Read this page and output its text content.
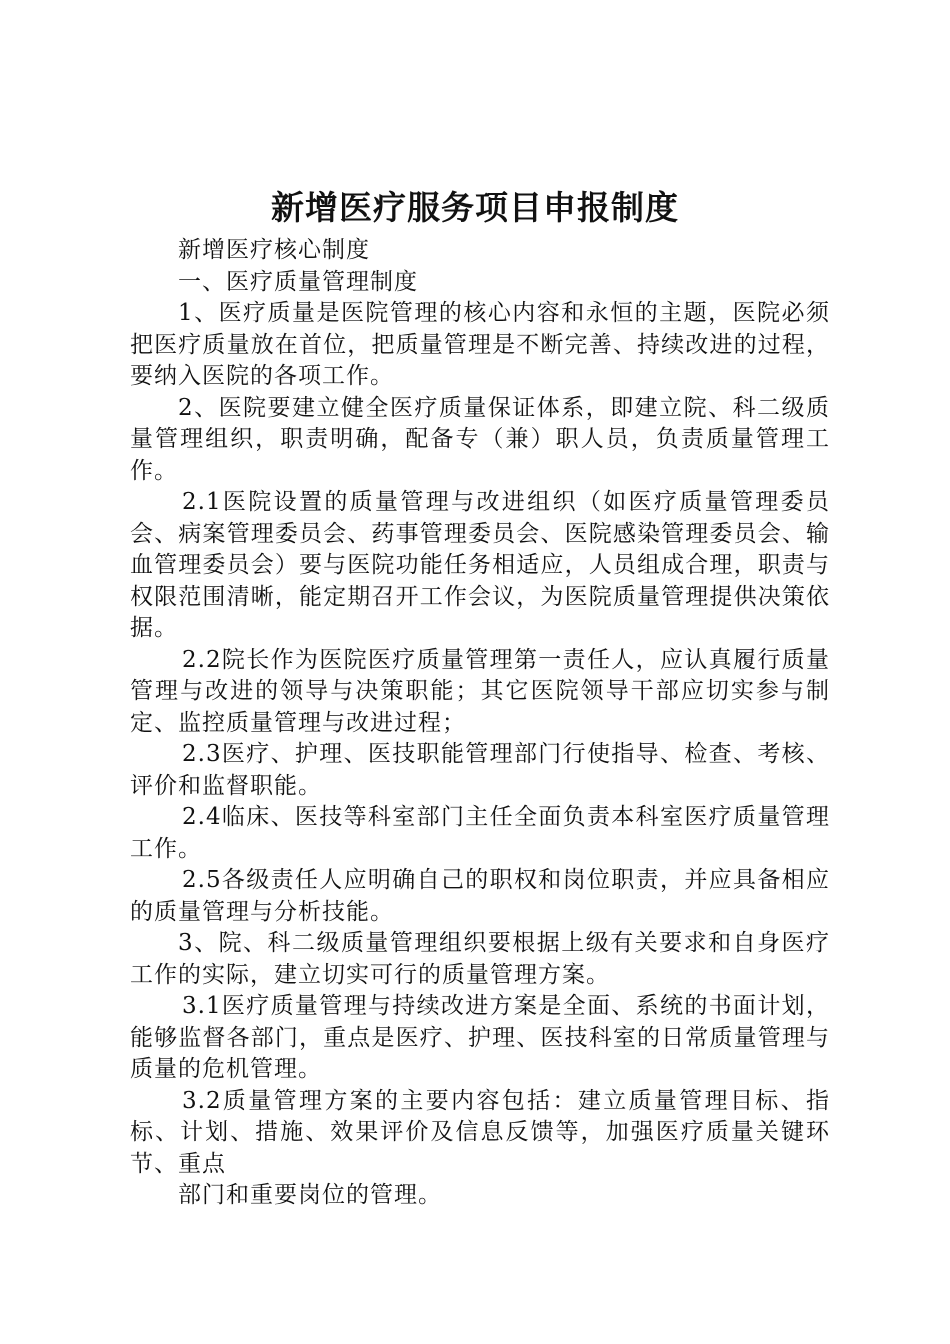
新增医疗服务项目申报制度

新增医疗核心制度

一、医疗质量管理制度

1、医疗质量是医院管理的核心内容和永恒的主题，医院必须把医疗质量放在首位，把质量管理是不断完善、持续改进的过程，要纳入医院的各项工作。

2、医院要建立健全医疗质量保证体系，即建立院、科二级质量管理组织，职责明确，配备专（兼）职人员，负责质量管理工作。

2.1医院设置的质量管理与改进组织（如医疗质量管理委员会、病案管理委员会、药事管理委员会、医院感染管理委员会、输血管理委员会）要与医院功能任务相适应，人员组成合理，职责与权限范围清晰，能定期召开工作会议，为医院质量管理提供决策依据。

2.2院长作为医院医疗质量管理第一责任人，应认真履行质量管理与改进的领导与决策职能；其它医院领导干部应切实参与制定、监控质量管理与改进过程；

2.3医疗、护理、医技职能管理部门行使指导、检查、考核、评价和监督职能。

2.4临床、医技等科室部门主任全面负责本科室医疗质量管理工作。

2.5各级责任人应明确自己的职权和岗位职责，并应具备相应的质量管理与分析技能。

3、院、科二级质量管理组织要根据上级有关要求和自身医疗工作的实际，建立切实可行的质量管理方案。

3.1医疗质量管理与持续改进方案是全面、系统的书面计划，能够监督各部门，重点是医疗、护理、医技科室的日常质量管理与质量的危机管理。

3.2质量管理方案的主要内容包括：建立质量管理目标、指标、计划、措施、效果评价及信息反馈等，加强医疗质量关键环节、重点

部门和重要岗位的管理。
